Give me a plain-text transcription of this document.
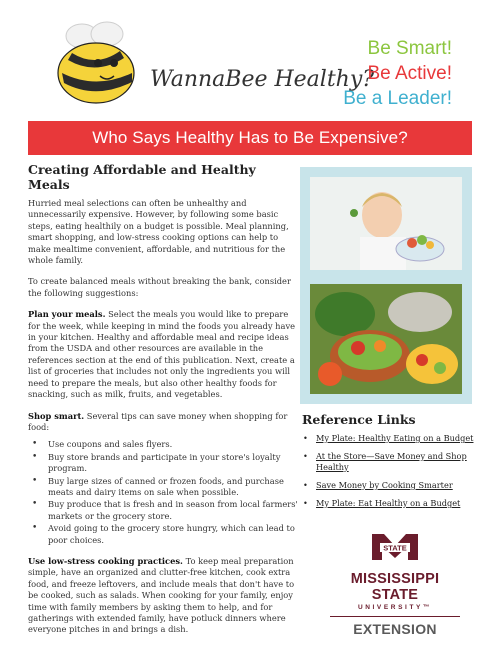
WannaBee Healthy?
Be Smart!
Be Active!
Be a Leader!
Who Says Healthy Has to Be Expensive?
Creating Affordable and Healthy Meals

Hurried meal selections can often be unhealthy and unnecessarily expensive. However, by following some basic steps, eating healthily on a budget is possible. Meal planning, smart shopping, and low-stress cooking options can help to make mealtime convenient, affordable, and nutritious for the whole family.

To create balanced meals without breaking the bank, consider the following suggestions:

Plan your meals. Select the meals you would like to prepare for the week, while keeping in mind the foods you already have in your kitchen. Healthy and affordable meal and recipe ideas from the USDA and other resources are available in the references section at the end of this publication. Next, create a list of groceries that includes not only the ingredients you will need to prepare the meals, but also other healthy foods for snacking, such as milk, fruits, and vegetables.

Shop smart. Several tips can save money when shopping for food:

• Use coupons and sales flyers.
• Buy store brands and participate in your store's loyalty program.
• Buy large sizes of canned or frozen foods, and purchase meats and dairy items on sale when possible.
• Buy produce that is fresh and in season from local farmers' markets or the grocery store.
• Avoid going to the grocery store hungry, which can lead to poor choices.

Use low-stress cooking practices. To keep meal preparation simple, have an organized and clutter-free kitchen, cook extra food, and freeze leftovers, and include meals that don't have to be cooked, such as salads. When cooking for your family, enjoy time with family members by asking them to help, and for gatherings with extended family, have potluck dinners where everyone pitches in and brings a dish.

Reference Links
• My Plate: Healthy Eating on a Budget
• At the Store—Save Money and Shop Healthy
• Save Money by Cooking Smarter
• My Plate: Eat Healthy on a Budget
STATE
MISSISSIPPI STATE
UNIVERSITY™
EXTENSION
